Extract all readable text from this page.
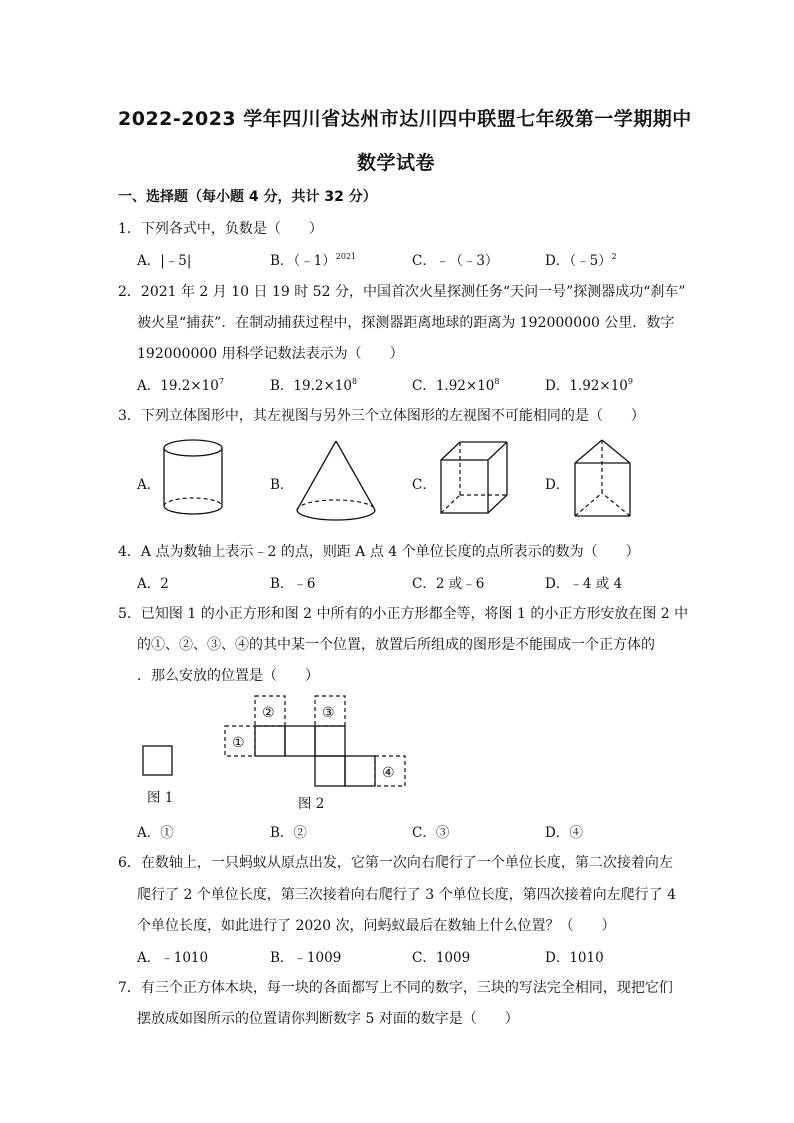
2022-2023 学年四川省达州市达川四中联盟七年级第一学期期中
数学试卷
一、选择题（每小题 4 分，共计 32 分）
1．下列各式中，负数是（　　）
A．|﹣5|	B．（﹣1）$^{2021}$	C．﹣（﹣3）	D．（﹣5）$^2$
2．2021 年 2 月 10 日 19 时 52 分，中国首次火星探测任务“天问一号”探测器成功“刹车”
被火星“捕获”．在制动捕获过程中，探测器距离地球的距离为 192000000 公里．数字
192000000 用科学记数法表示为（　　）
A．$19.2\times 10^7$	B．$19.2\times 10^8$	C．$1.92\times 10^8$	D．$1.92\times 10^9$
3．下列立体图形中，其左视图与另外三个立体图形的左视图不可能相同的是（　　）
A．	B．	C．	D．
4．A 点为数轴上表示﹣2 的点，则距 A 点 4 个单位长度的点所表示的数为（　　）
A．2	B．﹣6	C．2 或﹣6	D．﹣4 或 4
5．已知图 1 的小正方形和图 2 中所有的小正方形都全等，将图 1 的小正方形安放在图 2 中
的①、②、③、④的其中某一个位置，放置后所组成的图形是不能围成一个正方体的
．那么安放的位置是（　　）
图 1
①
②	③
④
图 2
A．①	B．②	C．③	D．④
6．在数轴上，一只蚂蚁从原点出发，它第一次向右爬行了一个单位长度，第二次接着向左
爬行了 2 个单位长度，第三次接着向右爬行了 3 个单位长度，第四次接着向左爬行了 4
个单位长度，如此进行了 2020 次，问蚂蚁最后在数轴上什么位置？（　　）
A．﹣1010	B．﹣1009	C．1009	D．1010
7．有三个正方体木块，每一块的各面都写上不同的数字，三块的写法完全相同，现把它们
摆放成如图所示的位置请你判断数字 5 对面的数字是（　　）
